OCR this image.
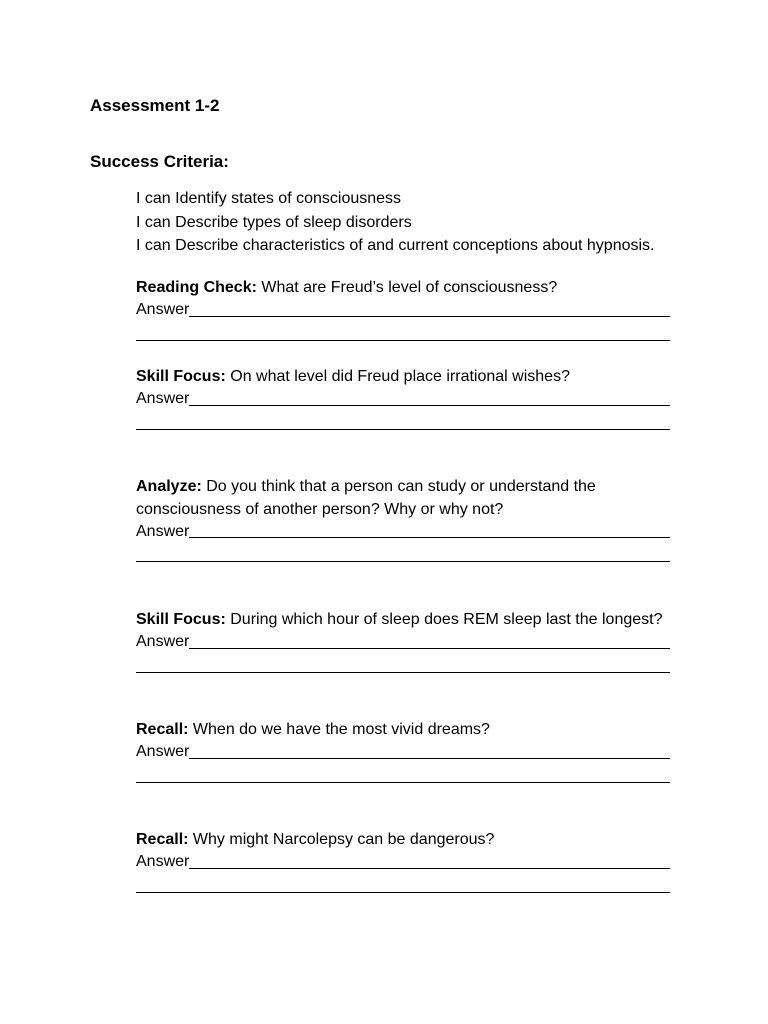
Assessment 1-2
Success Criteria:
I can Identify states of consciousness
I can Describe types of sleep disorders
I can Describe characteristics of and current conceptions about hypnosis.
Reading Check: What are Freud’s level of consciousness?
Answer
Skill Focus: On what level did Freud place irrational wishes?
Answer
Analyze: Do you think that a person can study or understand the consciousness of another person? Why or why not?
Answer
Skill Focus: During which hour of sleep does REM sleep last the longest?
Answer
Recall: When do we have the most vivid dreams?
Answer
Recall: Why might Narcolepsy can be dangerous?
Answer
